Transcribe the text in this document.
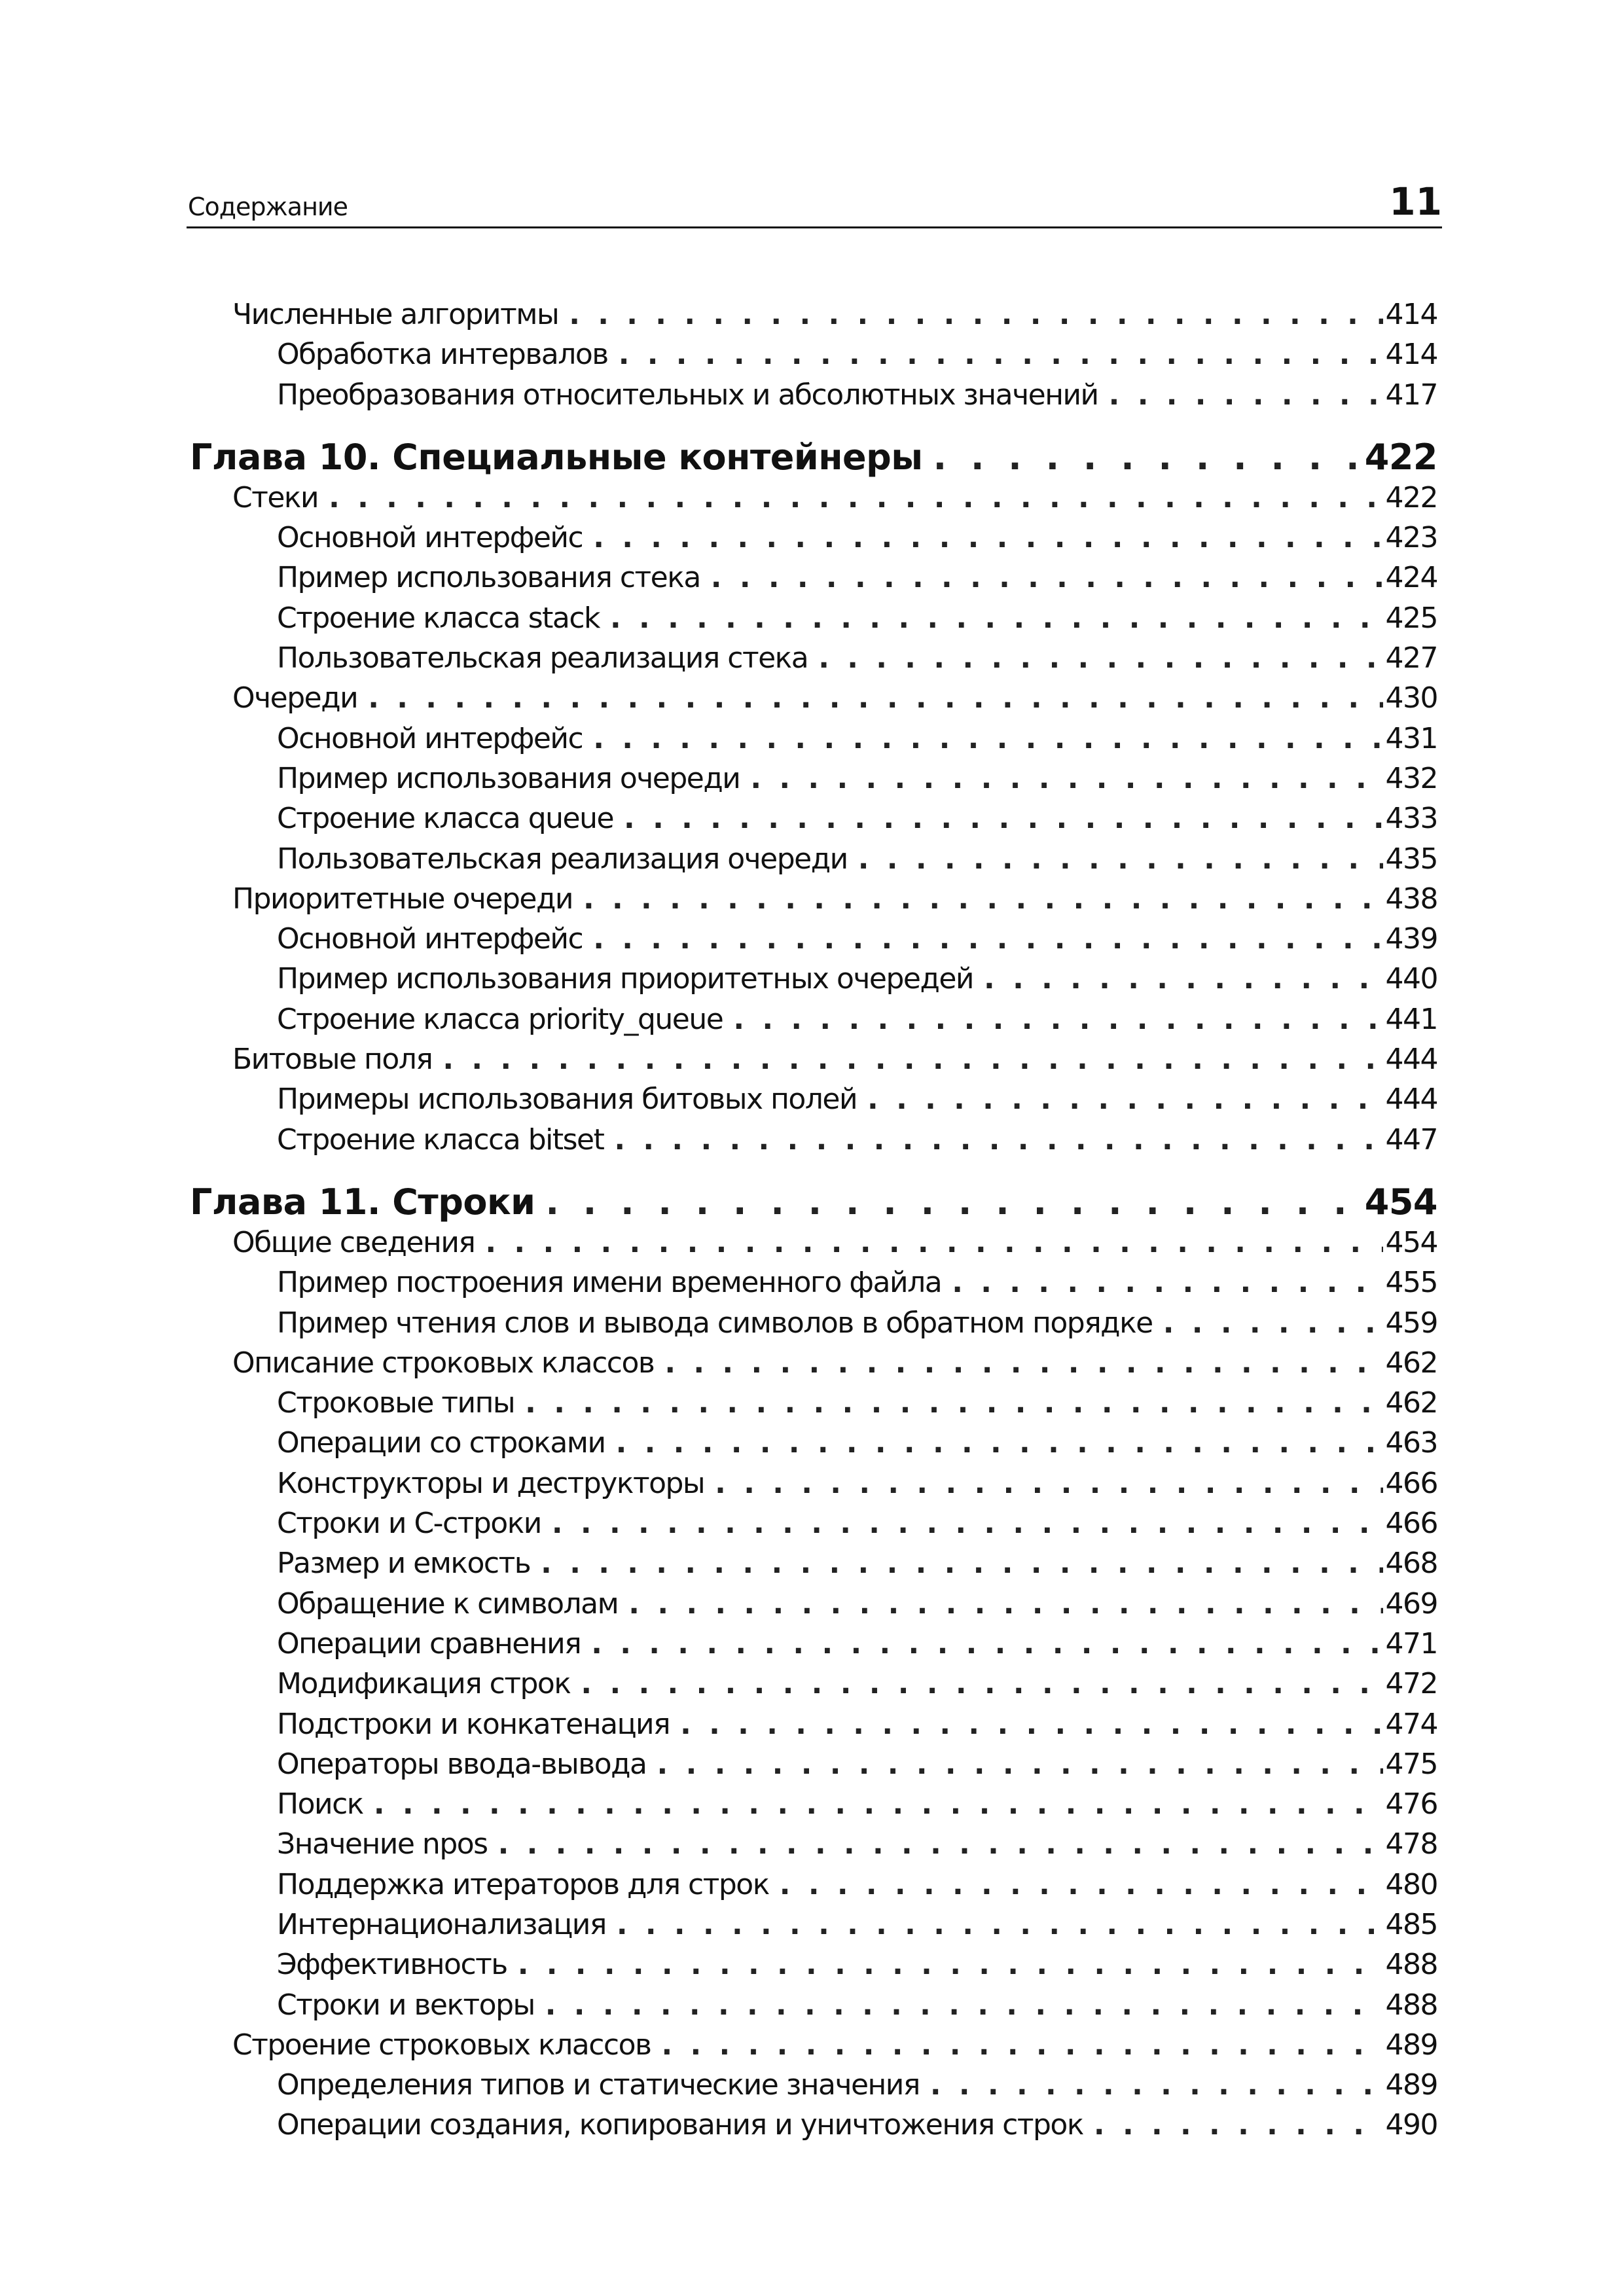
Содержание	11
Численные алгоритмы . . .	414
Обработка интервалов . . .	414
Преобразования относительных и абсолютных значений . . .	417
Глава 10. Специальные контейнеры . . .	422
Стеки . . .	422
Основной интерфейс . . .	423
Пример использования стека . . .	424
Строение класса stack . . .	425
Пользовательская реализация стека . . .	427
Очереди . . .	430
Основной интерфейс . . .	431
Пример использования очереди . . .	432
Строение класса queue . . .	433
Пользовательская реализация очереди . . .	435
Приоритетные очереди . . .	438
Основной интерфейс . . .	439
Пример использования приоритетных очередей . . .	440
Строение класса priority_queue . . .	441
Битовые поля . . .	444
Примеры использования битовых полей . . .	444
Строение класса bitset . . .	447
Глава 11. Строки . . .	454
Общие сведения . . .	454
Пример построения имени временного файла . . .	455
Пример чтения слов и вывода символов в обратном порядке . . .	459
Описание строковых классов . . .	462
Строковые типы . . .	462
Операции со строками . . .	463
Конструкторы и деструкторы . . .	466
Строки и C-строки . . .	466
Размер и емкость . . .	468
Обращение к символам . . .	469
Операции сравнения . . .	471
Модификация строк . . .	472
Подстроки и конкатенация . . .	474
Операторы ввода-вывода . . .	475
Поиск . . .	476
Значение npos . . .	478
Поддержка итераторов для строк . . .	480
Интернационализация . . .	485
Эффективность . . .	488
Строки и векторы . . .	488
Строение строковых классов . . .	489
Определения типов и статические значения . . .	489
Операции создания, копирования и уничтожения строк . . .	490
